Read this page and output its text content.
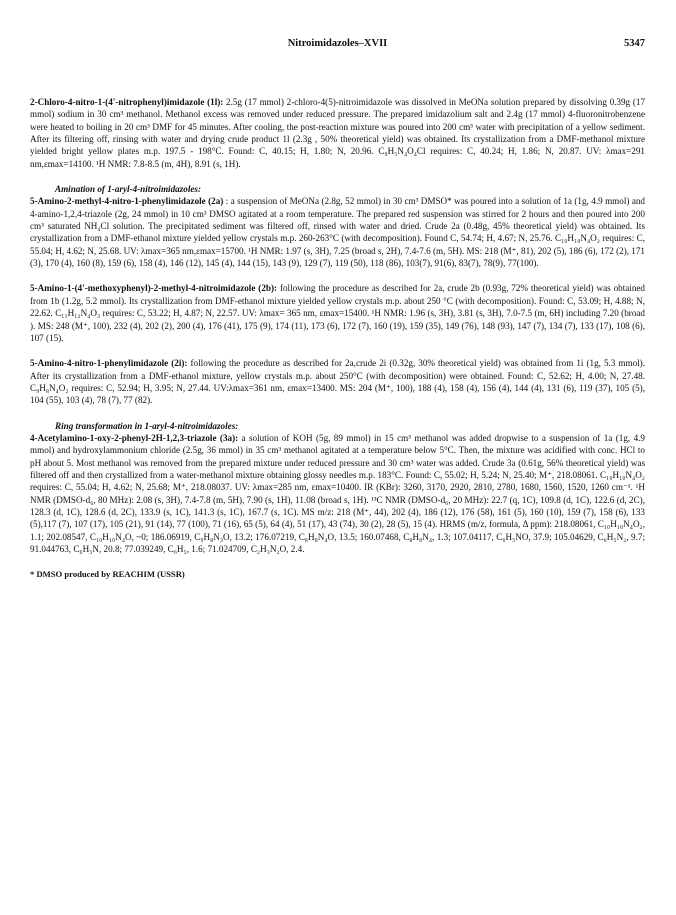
Nitroimidazoles–XVII	5347

2-Chloro-4-nitro-1-(4'-nitrophenyl)imidazole (1l): 2.5g (17 mmol) 2-chloro-4(5)-nitroimidazole was dissolved in MeONa solution prepared by dissolving 0.39g (17 mmol) sodium in 30 cm³ methanol. Methanol excess was removed under reduced pressure. The prepared imidazolium salt and 2.4g (17 mmol) 4-fluoronitrobenzene were heated to boiling in 20 cm³ DMF for 45 minutes. After cooling, the post-reaction mixture was poured into 200 cm³ water with precipitation of a yellow sediment. After its filtering off, rinsing with water and drying crude product 1l (2.3g , 50% theoretical yield) was obtained. Its crystallization from a DMF-methanol mixture yielded bright yellow plates m.p. 197.5 - 198°C. Found: C, 40.15; H, 1.80; N, 20.96. C₉H₅N₄O₄Cl requires: C, 40.24; H, 1.86; N, 20.87. UV: λmax=291 nm,εmax=14100. ¹H NMR: 7.8-8.5 (m, 4H), 8.91 (s, 1H).

Amination of 1-aryl-4-nitroimidazoles:

5-Amino-2-methyl-4-nitro-1-phenylimidazole (2a) : a suspension of MeONa (2.8g, 52 mmol) in 30 cm³ DMSO* was poured into a solution of 1a (1g, 4.9 mmol) and 4-amino-1,2,4-triazole (2g, 24 mmol) in 10 cm³ DMSO agitated at a room temperature. The prepared red suspension was stirred for 2 hours and then poured into 200 cm³ saturated NH₄Cl solution. The precipitated sediment was filtered off, rinsed with water and dried. Crude 2a (0.48g, 45% theoretical yield) was obtained. Its crystallization from a DMF-ethanol mixture yielded yellow crystals m.p. 260-263°C (with decomposition). Found C, 54.74; H, 4.67; N, 25.76. C₁₀H₁₀N₄O₂ requires: C, 55.04; H, 4.62; N, 25.68. UV: λmax=365 nm,εmax=15700. ¹H NMR: 1.97 (s, 3H), 7.25 (broad s, 2H), 7.4-7.6 (m, 5H). MS: 218 (M⁺, 81), 202 (5), 186 (6), 172 (2), 171 (3), 170 (4), 160 (8), 159 (6), 158 (4), 146 (12), 145 (4), 144 (15), 143 (9), 129 (7), 119 (50), 118 (86), 103(7), 91(6), 83(7), 78(9), 77(100).

5-Amino-1-(4'-methoxyphenyl)-2-methyl-4-nitroimidazole (2b): following the procedure as described for 2a, crude 2b (0.93g, 72% theoretical yield) was obtained from 1b (1.2g, 5.2 mmol). Its crystallization from DMF-ethanol mixture yielded yellow crystals m.p. about 250 °C (with decomposition). Found: C, 53.09; H, 4.88; N, 22.62. C₁₁H₁₂N₄O₃ requires: C, 53.22; H, 4.87; N, 22.57. UV: λmax= 365 nm, εmax=15400. ¹H NMR: 1.96 (s, 3H), 3.81 (s, 3H), 7.0-7.5 (m, 6H) including 7.20 (broad ). MS: 248 (M⁺, 100), 232 (4), 202 (2), 200 (4), 176 (41), 175 (9), 174 (11), 173 (6), 172 (7), 160 (19), 159 (35), 149 (76), 148 (93), 147 (7), 134 (7), 133 (17), 108 (6), 107 (15).

5-Amino-4-nitro-1-phenylimidazole (2i): following the procedure as described for 2a,crude 2i (0.32g, 30% theoretical yield) was obtained from 1i (1g, 5.3 mmol). After its crystallization from a DMF-ethanol mixture, yellow crystals m.p. about 250°C (with decomposition) were obtained. Found: C, 52.62; H, 4.00; N, 27.48. C₉H₈N₄O₂ requires: C, 52.94; H, 3.95; N, 27.44. UV:λmax=361 nm, εmax=13400. MS: 204 (M⁺, 100), 188 (4), 158 (4), 156 (4), 144 (4), 131 (6), 119 (37), 105 (5), 104 (55), 103 (4), 78 (7), 77 (82).

Ring transformation in 1-aryl-4-nitroimidazoles:

4-Acetylamino-1-oxy-2-phenyl-2H-1,2,3-triazole (3a): a solution of KOH (5g, 89 mmol) in 15 cm³ methanol was added dropwise to a suspension of 1a (1g, 4.9 mmol) and hydroxylammonium chloride (2.5g, 36 mmol) in 35 cm³ methanol agitated at a temperature below 5°C. Then, the mixture was acidified with conc. HCl to pH about 5. Most methanol was removed from the prepared mixture under reduced pressure and 30 cm³ water was added. Crude 3a (0.61g, 56% theoretical yield) was filtered off and then crystallized from a water-methanol mixture obtaining glossy needles m.p. 183°C. Found: C, 55.02; H, 5.24; N, 25.40; M⁺, 218.08061. C₁₀H₁₀N₄O₂ requires: C, 55.04; H, 4.62; N, 25.68; M⁺, 218.08037. UV: λmax=285 nm, εmax=10400. IR (KBr): 3260, 3170, 2920, 2810, 2780, 1680, 1560, 1520, 1260 cm⁻¹. ¹H NMR (DMSO-d₆, 80 MHz): 2.08 (s, 3H), 7.4-7.8 (m, 5H), 7.90 (s, 1H), 11.08 (broad s, 1H). ¹³C NMR (DMSO-d₆, 20 MHz): 22.7 (q, 1C), 109.8 (d, 1C), 122.6 (d, 2C), 128.3 (d, 1C), 128.6 (d, 2C), 133.9 (s, 1C), 141.3 (s, 1C), 167.7 (s, 1C). MS m/z: 218 (M⁺, 44), 202 (4), 186 (12), 176 (58), 161 (5), 160 (10), 159 (7), 158 (6), 133 (5),117 (7), 107 (17), 105 (21), 91 (14), 77 (100), 71 (16), 65 (5), 64 (4), 51 (17), 43 (74), 30 (2), 28 (5), 15 (4). HRMS (m/z, formula, Δ ppm): 218.08061, C₁₀H₁₀N₄O₂, 1.1; 202.08547, C₁₀H₁₀N₄O, ~0; 186.06919, C₉H₈N₃O, 13.2; 176.07219, C₈H₈N₄O, 13.5; 160.07468, C₈H₈N₄, 1.3; 107.04117, C₆H₅NO, 37.9; 105.04629, C₆H₅N₂, 9.7; 91.044763, C₆H₅N, 20.8; 77.039249, C₆H₅, 1.6; 71.024709, C₂H₃N₂O, 2.4.

* DMSO produced by REACHIM (USSR)
